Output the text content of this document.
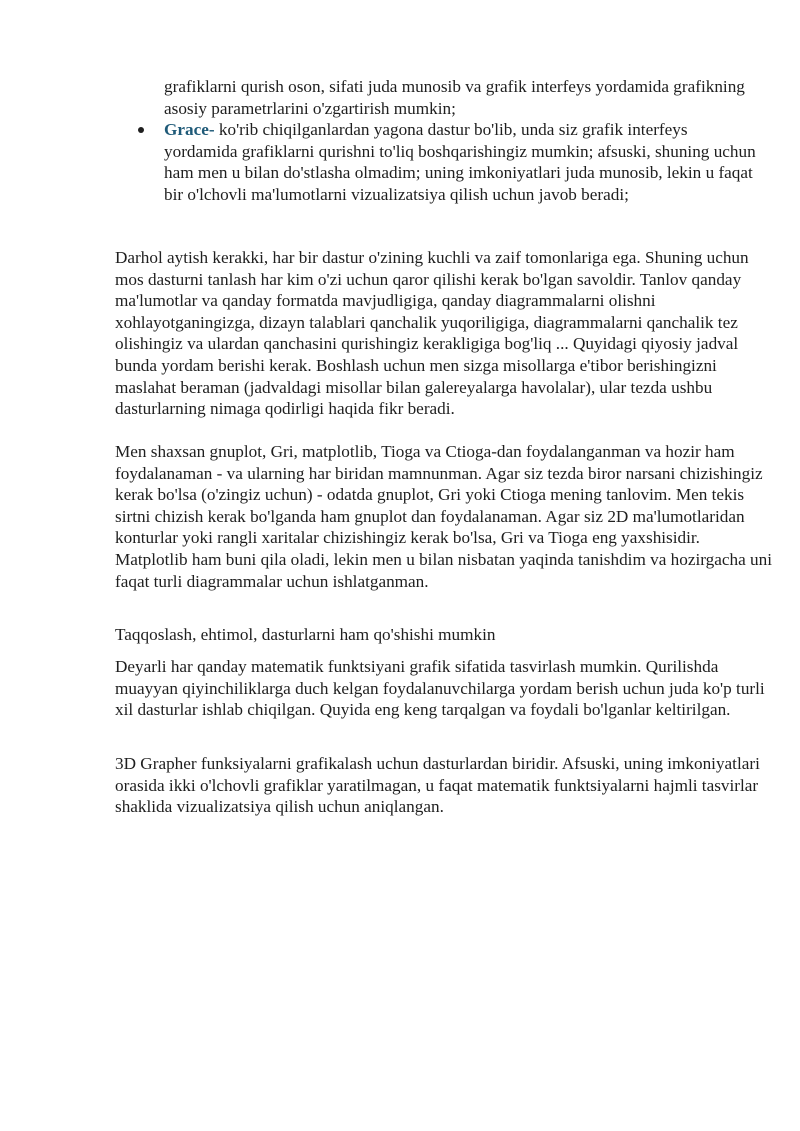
grafiklarni qurish oson, sifati juda munosib va grafik interfeys yordamida grafikning asosiy parametrlarini o'zgartirish mumkin;

Grace- ko'rib chiqilganlardan yagona dastur bo'lib, unda siz grafik interfeys yordamida grafiklarni qurishni to'liq boshqarishingiz mumkin; afsuski, shuning uchun ham men u bilan do'stlasha olmadim; uning imkoniyatlari juda munosib, lekin u faqat bir o'lchovli ma'lumotlarni vizualizatsiya qilish uchun javob beradi;

Darhol aytish kerakki, har bir dastur o'zining kuchli va zaif tomonlariga ega. Shuning uchun mos dasturni tanlash har kim o'zi uchun qaror qilishi kerak bo'lgan savoldir. Tanlov qanday ma'lumotlar va qanday formatda mavjudligiga, qanday diagrammalarni olishni xohlayotganingizga, dizayn talablari qanchalik yuqoriligiga, diagrammalarni qanchalik tez olishingiz va ulardan qanchasini qurishingiz kerakligiga bog'liq ... Quyidagi qiyosiy jadval bunda yordam berishi kerak. Boshlash uchun men sizga misollarga e'tibor berishingizni maslahat beraman (jadvaldagi misollar bilan galereyalarga havolalar), ular tezda ushbu dasturlarning nimaga qodirligi haqida fikr beradi.

Men shaxsan gnuplot, Gri, matplotlib, Tioga va Ctioga-dan foydalanganman va hozir ham foydalanaman - va ularning har biridan mamnunman. Agar siz tezda biror narsani chizishingiz kerak bo'lsa (o'zingiz uchun) - odatda gnuplot, Gri yoki Ctioga mening tanlovim. Men tekis sirtni chizish kerak bo'lganda ham gnuplot dan foydalanaman. Agar siz 2D ma'lumotlaridan konturlar yoki rangli xaritalar chizishingiz kerak bo'lsa, Gri va Tioga eng yaxshisidir. Matplotlib ham buni qila oladi, lekin men u bilan nisbatan yaqinda tanishdim va hozirgacha uni faqat turli diagrammalar uchun ishlatganman.

Taqqoslash, ehtimol, dasturlarni ham qo'shishi mumkin

Deyarli har qanday matematik funktsiyani grafik sifatida tasvirlash mumkin. Qurilishda muayyan qiyinchiliklarga duch kelgan foydalanuvchilarga yordam berish uchun juda ko'p turli xil dasturlar ishlab chiqilgan. Quyida eng keng tarqalgan va foydali bo'lganlar keltirilgan.

3D Grapher funksiyalarni grafikalash uchun dasturlardan biridir. Afsuski, uning imkoniyatlari orasida ikki o'lchovli grafiklar yaratilmagan, u faqat matematik funktsiyalarni hajmli tasvirlar shaklida vizualizatsiya qilish uchun aniqlangan.
